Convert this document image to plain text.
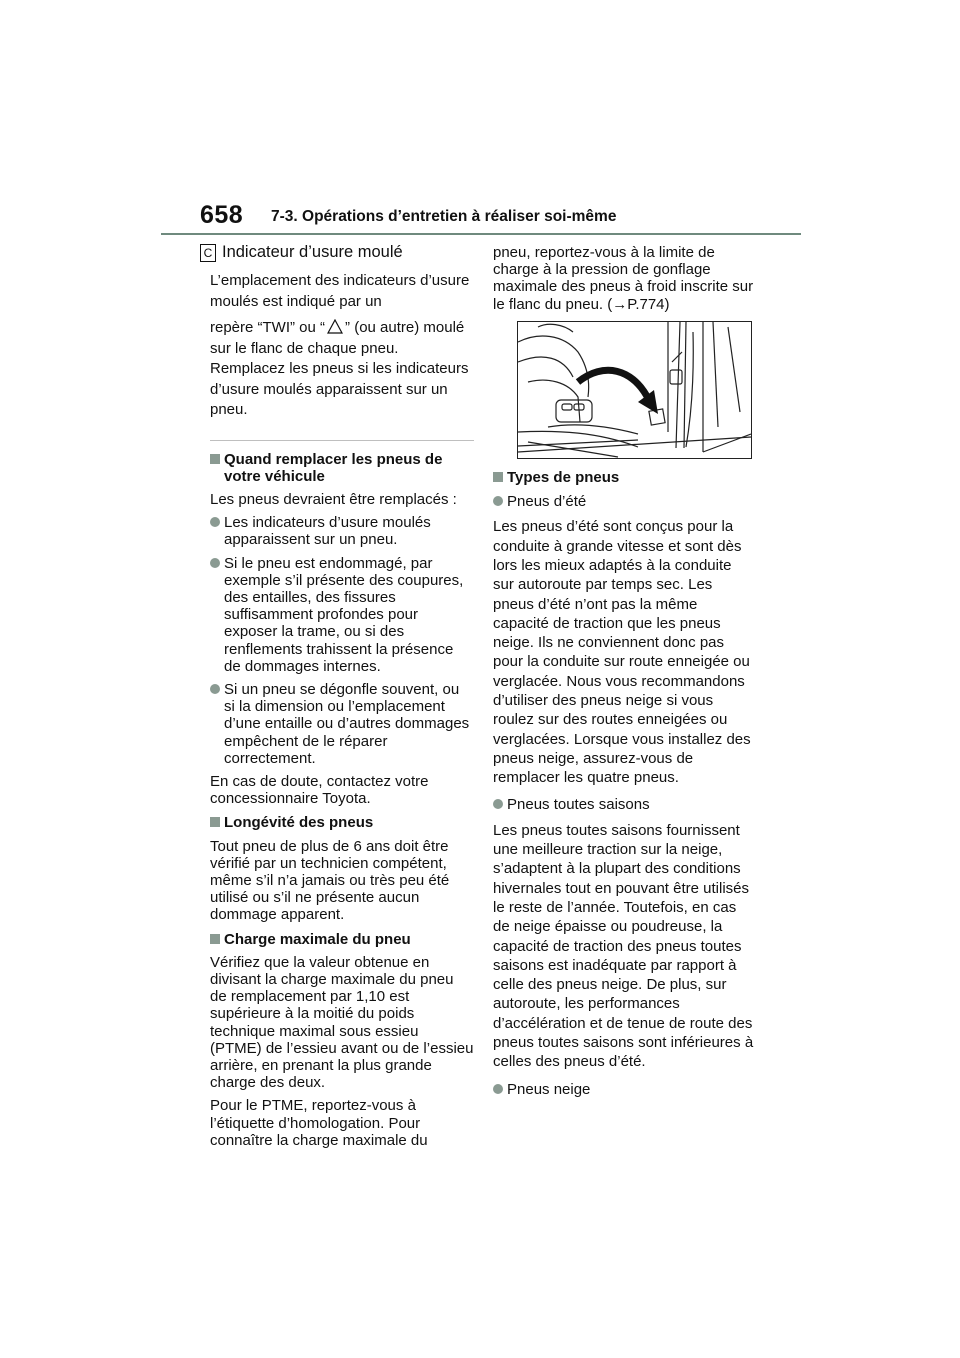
658 7-3. Opérations d’entretien à réaliser soi-même
C Indicateur d’usure moulé

L’emplacement des indicateurs d’usure moulés est indiqué par un

repère “TWI” ou “ ” (ou autre) moulé sur le flanc de chaque pneu. Remplacez les pneus si les indicateurs d’usure moulés apparaissent sur un pneu.

Quand remplacer les pneus de votre véhicule

Les pneus devraient être remplacés :

Les indicateurs d’usure moulés apparaissent sur un pneu.
Si le pneu est endommagé, par exemple s’il présente des coupures, des entailles, des fissures suffisamment profondes pour exposer la trame, ou si des renflements trahissent la présence de dommages internes.
Si un pneu se dégonfle souvent, ou si la dimension ou l’emplacement d’une entaille ou d’autres dommages empêchent de le réparer correctement.

En cas de doute, contactez votre concessionnaire Toyota.

Longévité des pneus

Tout pneu de plus de 6 ans doit être vérifié par un technicien compétent, même s’il n’a jamais ou très peu été utilisé ou s’il ne présente aucun dommage apparent.

Charge maximale du pneu

Vérifiez que la valeur obtenue en divisant la charge maximale du pneu de remplacement par 1,10 est supérieure à la moitié du poids technique maximal sous essieu (PTME) de l’essieu avant ou de l’essieu arrière, en prenant la plus grande charge des deux.

Pour le PTME, reportez-vous à l’étiquette d’homologation. Pour connaître la charge maximale du

pneu, reportez-vous à la limite de charge à la pression de gonflage maximale des pneus à froid inscrite sur le flanc du pneu. (→P.774)

Types de pneus
Pneus d’été

Les pneus d’été sont conçus pour la conduite à grande vitesse et sont dès lors les mieux adaptés à la conduite sur autoroute par temps sec. Les pneus d’été n’ont pas la même capacité de traction que les pneus neige. Ils ne conviennent donc pas pour la conduite sur route enneigée ou verglacée. Nous vous recommandons d’utiliser des pneus neige si vous roulez sur des routes enneigées ou verglacées. Lorsque vous installez des pneus neige, assurez-vous de remplacer les quatre pneus.

Pneus toutes saisons

Les pneus toutes saisons fournissent une meilleure traction sur la neige, s’adaptent à la plupart des conditions hivernales tout en pouvant être utilisés le reste de l’année. Toutefois, en cas de neige épaisse ou poudreuse, la capacité de traction des pneus toutes saisons est inadéquate par rapport à celle des pneus neige. De plus, sur autoroute, les performances d’accélération et de tenue de route des pneus toutes saisons sont inférieures à celles des pneus d’été.

Pneus neige
